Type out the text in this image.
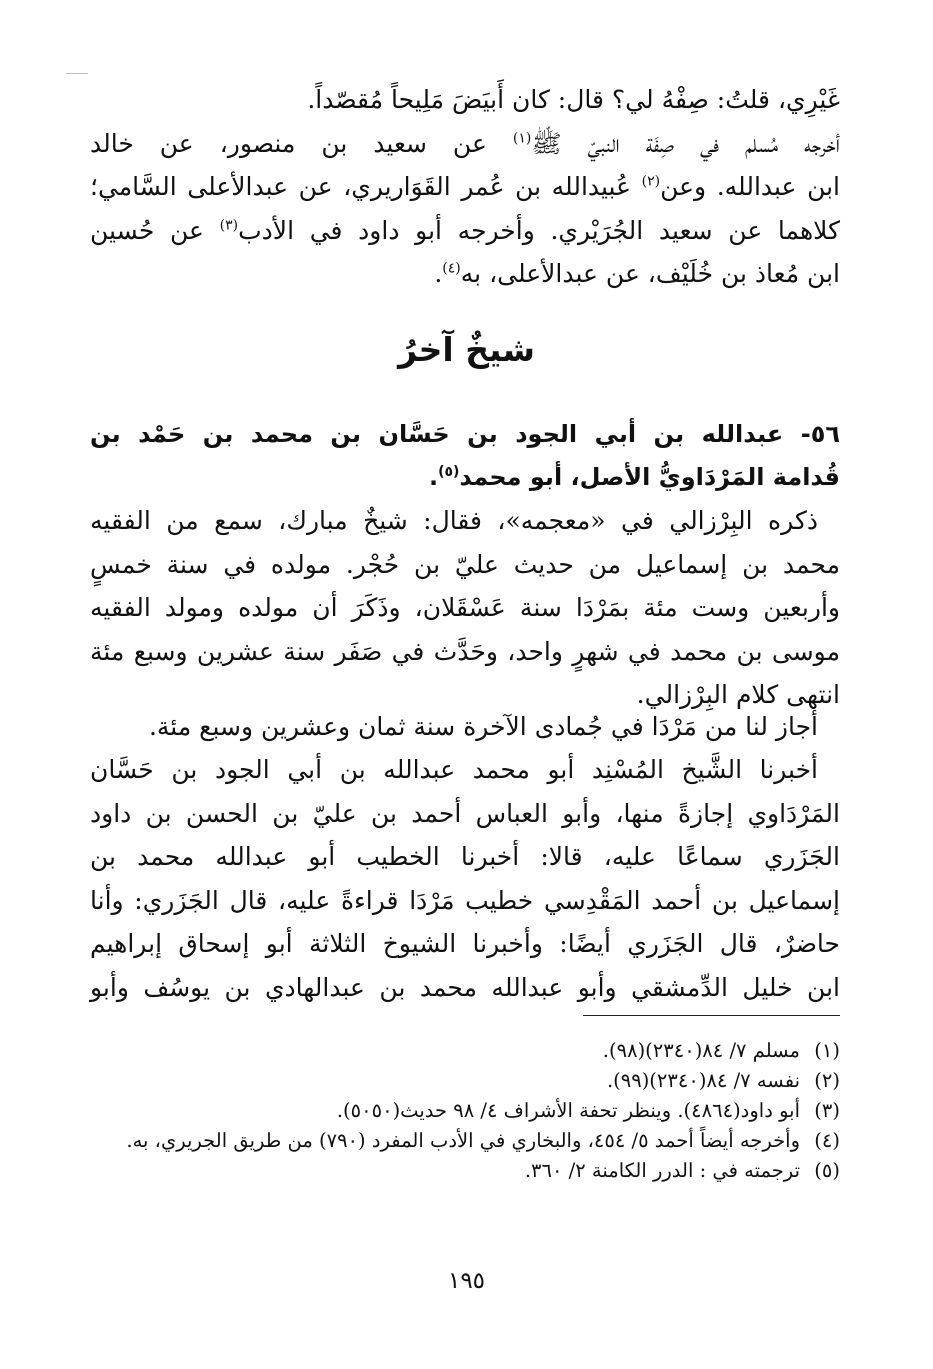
غَيْرِي، قلتُ: صِفْهُ لي؟ قال: كان أَبيَضَ مَلِيحاً مُقصّداً.
أخرجه مُسلم في صِفَة النبيّ ﷺ$^{(١)}$ عن سعيد بن منصور، عن خالد
ابن عبدالله. وعن$^{(٢)}$ عُبيدالله بن عُمر القَوَاريري، عن عبدالأعلى السَّامي؛
كلاهما عن سعيد الجُرَيْري. وأخرجه أبو داود في الأدب$^{(٣)}$ عن حُسين
ابن مُعاذ بن خُلَيْف، عن عبدالأعلى، به$^{(٤)}$.
شيخٌ آخرُ
٥٦- عبدالله بن أبي الجود بن حَسَّان بن محمد بن حَمْد بن
قُدامة المَرْدَاويُّ الأصل، أبو محمد$^{(٥)}$.
ذكره البِرْزالي في «معجمه»، فقال: شيخٌ مبارك، سمع من الفقيه
محمد بن إسماعيل من حديث عليّ بن حُجْر. مولده في سنة خمسٍ
وأربعين وست مئة بمَرْدَا سنة عَسْقَلان، وذَكَرَ أن مولده ومولد الفقيه
موسى بن محمد في شهرٍ واحد، وحَدَّث في صَفَر سنة عشرين وسبع مئة
انتهى كلام البِرْزالي.
أجاز لنا من مَرْدَا في جُمادى الآخرة سنة ثمان وعشرين وسبع مئة.
أخبرنا الشَّيخ المُسْنِد أبو محمد عبدالله بن أبي الجود بن حَسَّان
المَرْدَاوي إجازةً منها، وأبو العباس أحمد بن عليّ بن الحسن بن داود
الجَزَري سماعًا عليه، قالا: أخبرنا الخطيب أبو عبدالله محمد بن
إسماعيل بن أحمد المَقْدِسي خطيب مَرْدَا قراءةً عليه، قال الجَزَري: وأنا
حاضرٌ، قال الجَزَري أيضًا: وأخبرنا الشيوخ الثلاثة أبو إسحاق إبراهيم
ابن خليل الدِّمشقي وأبو عبدالله محمد بن عبدالهادي بن يوسُف وأبو
(١)
مسلم ٧/ ٨٤(٢٣٤٠)(٩٨).
(٢)
نفسه ٧/ ٨٤(٢٣٤٠)(٩٩).
(٣)
أبو داود(٤٨٦٤). وينظر تحفة الأشراف ٤/ ٩٨ حديث(٥٠٥٠).
(٤)
وأخرجه أيضاً أحمد ٥/ ٤٥٤، والبخاري في الأدب المفرد (٧٩٠) من طريق الجريري، به.
(٥)
ترجمته في : الدرر الكامنة ٢/ ٣٦٠.

١٩٥
